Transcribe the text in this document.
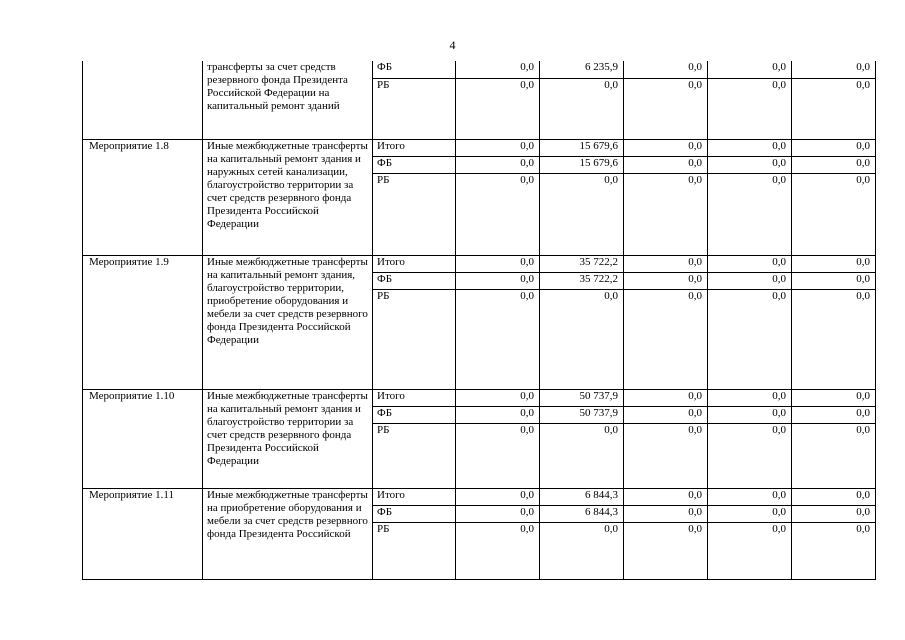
4
	трансферты за счет средств резервного фонда Президента Российской Федерации на капитальный ремонт зданий	ФБ	0,0	6 235,9	0,0	0,0	0,0
		РБ	0,0	0,0	0,0	0,0	0,0
Мероприятие 1.8	Иные межбюджетные трансферты на капитальный ремонт здания и наружных сетей канализации, благоустройство территории за счет средств резервного фонда Президента Российской Федерации	Итого	0,0	15 679,6	0,0	0,0	0,0
		ФБ	0,0	15 679,6	0,0	0,0	0,0
		РБ	0,0	0,0	0,0	0,0	0,0
Мероприятие 1.9	Иные межбюджетные трансферты на капитальный ремонт здания, благоустройство территории, приобретение оборудования и мебели за счет средств резервного фонда Президента Российской Федерации	Итого	0,0	35 722,2	0,0	0,0	0,0
		ФБ	0,0	35 722,2	0,0	0,0	0,0
		РБ	0,0	0,0	0,0	0,0	0,0
Мероприятие 1.10	Иные межбюджетные трансферты на капитальный ремонт здания и благоустройство территории за счет средств резервного фонда Президента Российской Федерации	Итого	0,0	50 737,9	0,0	0,0	0,0
		ФБ	0,0	50 737,9	0,0	0,0	0,0
		РБ	0,0	0,0	0,0	0,0	0,0
Мероприятие 1.11	Иные межбюджетные трансферты на приобретение оборудования и мебели за счет средств резервного фонда Президента Российской	Итого	0,0	6 844,3	0,0	0,0	0,0
		ФБ	0,0	6 844,3	0,0	0,0	0,0
		РБ	0,0	0,0	0,0	0,0	0,0
